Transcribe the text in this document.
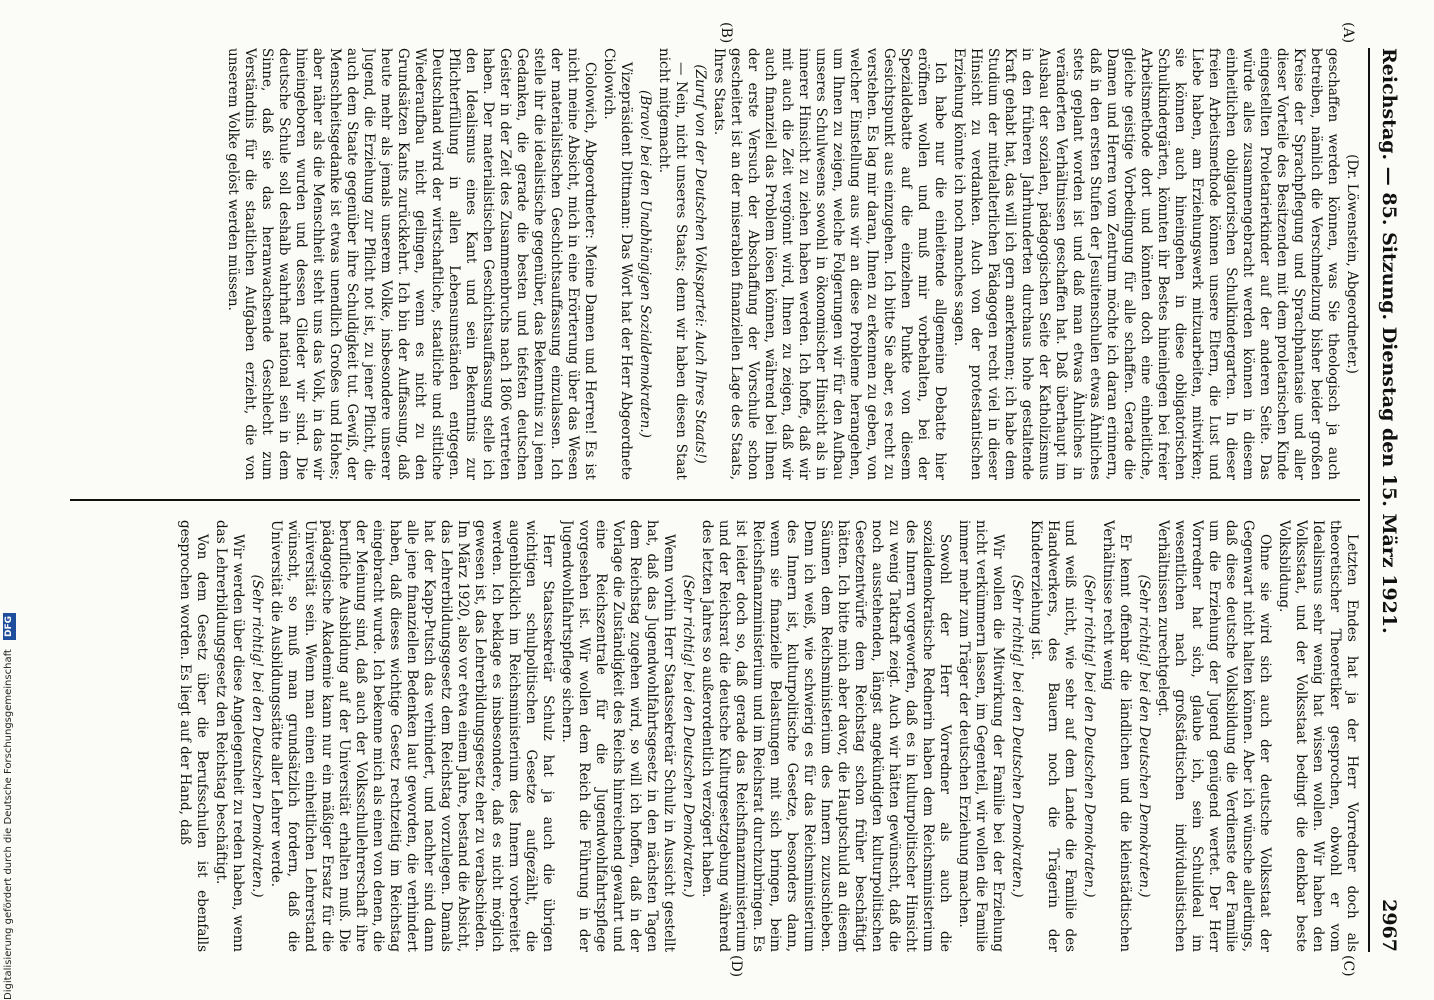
Reichstag. — 85. Sitzung. Dienstag den 15. März 1921.
2967
(A)
(B)
(C)
(D)

(Dr. Löwenstein, Abgeordneter.)

geschaffen werden können, was Sie theologisch ja auch betreiben, nämlich die Verschmelzung bisher beider großen Kreise der Sprachpflegung und Sprachphantasie und aller dieser Vorteile des Besitzenden mit dem proletarischen Kinde eingestellten Proletarierkinder auf der anderen Seite. Das würde alles zusammengebracht werden können in diesem einheitlichen obligatorischen Schulkindergarten. In dieser freien Arbeitsmethode können unsere Eltern, die Lust und Liebe haben, am Erziehungswerk mitzuarbeiten, mitwirken; sie können auch hineingehen in diese obligatorischen Schulkindergärten, könnten ihr Bestes hineinlegen bei freier Arbeitsmethode dort und könnten doch eine einheitliche, gleiche geistige Vorbedingung für alle schaffen. Gerade die Damen und Herren vom Zentrum möchte ich daran erinnern, daß in den ersten Stufen der Jesuitenschulen etwas Ähnliches stets geplant worden ist und daß man etwas Ähnliches in veränderten Verhältnissen geschaffen hat. Daß überhaupt im Ausbau der sozialen, pädagogischen Seite der Katholizismus in den früheren Jahrhunderten durchaus hohe gestaltende Kraft gehabt hat, das will ich gern anerkennen; ich habe dem Studium der mittelalterlichen Pädagogen recht viel in dieser Hinsicht zu verdanken. Auch von der protestantischen Erziehung könnte ich noch manches sagen.

Ich habe nur die einleitende allgemeine Debatte hier eröffnen wollen und muß mir vorbehalten, bei der Spezialdebatte auf die einzelnen Punkte von diesem Gesichtspunkt aus einzugehen. Ich bitte Sie aber, es recht zu verstehen. Es lag mir daran, Ihnen zu erkennen zu geben, von welcher Einstellung aus wir an diese Probleme herangehen, um Ihnen zu zeigen, welche Folgerungen wir für den Aufbau unseres Schulwesens sowohl in ökonomischer Hinsicht als in innerer Hinsicht zu ziehen haben werden. Ich hoffe, daß wir mit auch die Zeit vergönnt wird, Ihnen zu zeigen, daß wir auch finanziell das Problem lösen können, während bei Ihnen der erste Versuch der Abschaffung der Vorschule schon gescheitert ist an der miserablen finanziellen Lage des Staats, Ihres Staats.

(Zuruf von der Deutschen Volkspartei: Auch Ihres Staats!)

— Nein, nicht unseres Staats; denn wir haben diesen Staat nicht mitgemacht.

(Bravo! bei den Unabhängigen Sozialdemokraten.)

Vizepräsident Dittmann: Das Wort hat der Herr Abgeordnete Ciolowich.

Ciolowich, Abgeordneter: Meine Damen und Herren! Es ist nicht meine Absicht, mich in eine Erörterung über das Wesen der materialistischen Geschichtsauffassung einzulassen. Ich stelle ihr die idealistische gegenüber, das Bekenntnis zu jenen Gedanken, die gerade die besten und tiefsten deutschen Geister in der Zeit des Zusammenbruchs nach 1806 vertreten haben. Der materialistischen Geschichtsauffassung stelle ich den Idealismus eines Kant und sein Bekenntnis zur Pflichterfüllung in allen Lebensumständen entgegen. Deutschland wird der wirtschaftliche, staatliche und sittliche Wiederaufbau nicht gelingen, wenn es nicht zu den Grundsätzen Kants zurückkehrt. Ich bin der Auffassung, daß heute mehr als jemals unserem Volke, insbesondere unserer Jugend, die Erziehung zur Pflicht not ist, zu jener Pflicht, die auch dem Staate gegenüber ihre Schuldigkeit tut. Gewiß, der Menschheitsgedanke ist etwas unendlich Großes und Hohes; aber näher als die Menschheit steht uns das Volk, in das wir hineingeboren wurden und dessen Glieder wir sind. Die deutsche Schule soll deshalb wahrhaft national sein in dem Sinne, daß sie das heranwachsende Geschlecht zum Verständnis für die staatlichen Aufgaben erzieht, die von unserem Volke gelöst werden müssen.

Letzten Endes hat ja der Herr Vorredner doch als theoretischer Theoretiker gesprochen, obwohl er vom Idealismus sehr wenig hat wissen wollen. Wir haben den Volksstaat, und der Volksstaat bedingt die denkbar beste Volksbildung.

Ohne sie wird sich auch der deutsche Volksstaat der Gegenwart nicht halten können. Aber ich wünsche allerdings, daß diese deutsche Volksbildung die Verdienste der Familie um die Erziehung der Jugend genügend wertet. Der Herr Vorredner hat sich, glaube ich, sein Schulideal im wesentlichen nach großstädtischen individualistischen Verhältnissen zurechtgelegt.

(Sehr richtig! bei den Deutschen Demokraten.)

Er kennt offenbar die ländlichen und die kleinstädtischen Verhältnisse recht wenig

(Sehr richtig! bei den Deutschen Demokraten.)

und weiß nicht, wie sehr auf dem Lande die Familie des Handwerkers, des Bauern noch die Trägerin der Kindererziehung ist.

(Sehr richtig! bei den Deutschen Demokraten.)

Wir wollen die Mitwirkung der Familie bei der Erziehung nicht verkümmern lassen, im Gegenteil, wir wollen die Familie immer mehr zum Träger der deutschen Erziehung machen.

Sowohl der Herr Vorredner als auch die sozialdemokratische Rednerin haben dem Reichsministerium des Innern vorgeworfen, daß es in kulturpolitischer Hinsicht zu wenig Tatkraft zeigt. Auch wir hätten gewünscht, daß die noch ausstehenden, längst angekündigten kulturpolitischen Gesetzentwürfe dem Reichstag schon früher beschäftigt hätten. Ich bitte mich aber davor, die Hauptschuld an diesem Säumen dem Reichsministerium des Innern zuzuschieben. Denn ich weiß, wie schwierig es für das Reichsministerium des Innern ist, kulturpolitische Gesetze, besonders dann, wenn sie finanzielle Belastungen mit sich bringen, beim Reichsfinanzministerium und im Reichsrat durchzubringen. Es ist leider doch so, daß gerade das Reichsfinanzministerium und der Reichsrat die deutsche Kulturgesetzgebung während des letzten Jahres so außerordentlich verzögert haben.

(Sehr richtig! bei den Deutschen Demokraten.)

Wenn vorhin Herr Staatssekretär Schulz in Aussicht gestellt hat, daß das Jugendwohlfahrtsgesetz in den nächsten Tagen dem Reichstag zugehen wird, so will ich hoffen, daß in der Vorlage die Zuständigkeit des Reichs hinreichend gewahrt und eine Reichszentrale für die Jugendwohlfahrtspflege vorgesehen ist. Wir wollen dem Reich die Führung in der Jugendwohlfahrtspflege sichern.

Herr Staatssekretär Schulz hat ja auch die übrigen wichtigen schulpolitischen Gesetze aufgezählt, die augenblicklich im Reichsministerium des Innern vorbereitet werden. Ich beklage es insbesondere, daß es nicht möglich gewesen ist, das Lehrerbildungsgesetz eher zu verabschieden. Im März 1920, also vor etwa einem Jahre, bestand die Absicht, das Lehrerbildungsgesetz dem Reichstag vorzulegen. Damals hat der Kapp-Putsch das verhindert, und nachher sind dann alle jene finanziellen Bedenken laut geworden, die verhindert haben, daß dieses wichtige Gesetz rechtzeitig im Reichstag eingebracht wurde. Ich bekenne mich als einen von denen, die der Meinung sind, daß auch der Volksschullehrerschaft ihre berufliche Ausbildung auf der Universität erhalten muß. Die pädagogische Akademie kann nur ein mäßiger Ersatz für die Universität sein. Wenn man einen einheitlichen Lehrerstand wünscht, so muß man grundsätzlich fordern, daß die Universität die Ausbildungsstätte aller Lehrer werde.

(Sehr richtig! bei den Deutschen Demokraten.)

Wir werden über diese Angelegenheit zu reden haben, wenn das Lehrerbildungsgesetz den Reichstag beschäftigt.

Von dem Gesetz über die Berufsschulen ist ebenfalls gesprochen worden. Es liegt auf der Hand, daß

Digitalisierung gefördert durch die Deutsche Forschungsgemeinschaft DFG
